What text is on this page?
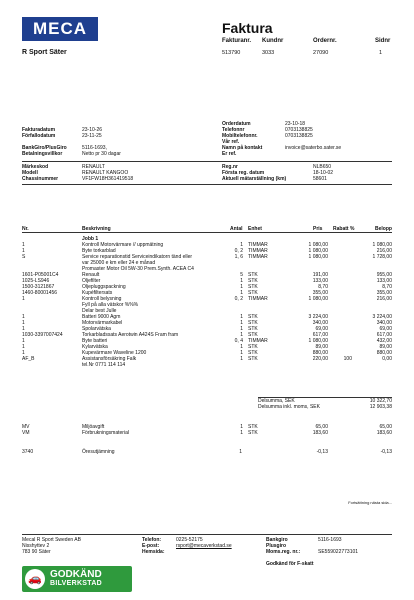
MECA	Faktura
R Sport Säter
Fakturanr. Kundnr	Ordernr.	Sidnr
513790	3033	27090	1
Fakturadatum	23-10-26
Förfallodatum	23-11-25
BankGiro/PlusGiro	5116-1693,
Betalningsvillkor	Netto pr 30 dagar
Orderdatum	23-10-18
Telefonnr	0703138825
Mobiltelefonnr.	0703138825
Vår ref.
Namn på kontakt	invoice@saterbo.sater.se
Er ref.
Märkeskod	RENAULT
Modell	RENAULT KANGOO
Chassinummer	VF1FW18H361419518
Reg.nr	NLB650
Första reg. datum	18-10-02
Aktuell mätarställning (km)	58601
Nr.	Beskrivning	Antal Enhet	Pris Rabatt %	Belopp
Jobb 1
1	Kontroll Motorvärmare // uppmätning	1 TIMMAR	1 080,00	1 080,00
1	Byte torkarblad	0, 2 TIMMAR	1 080,00	216,00
S	Service reparationstid Serviceindikatorn tänd eller	1, 6 TIMMAR	1 080,00	1 728,00
var 25000 e km eller 24 e månad
Promaster Motor Oil 5W-30 Prem.Synth. ACEA C4
1601-P05001C4	Renault	5 STK	191,00	955,00
1025-LS946	Oljefilter	1 STK	133,00	133,00
1500-3121867	Oljepluggspackning	1 STK	8,70	8,70
1460-80001456	Kupéfiltersats	1 STK	355,00	355,00
1	Kontroll belysning	0, 2 TIMMAR	1 080,00	216,00
Fyll på alla vätskor %%%
Delar best Julle
1	Batteri 9000 Agm	1 STK	3 224,00	3 224,00
1	Motorvärmarkabel	1 STK	340,00	340,00
1	Spolarvätska	1 STK	69,00	69,00
1030-3397007424	Torkarbladssats Aerotwin A424S Fram fram	1 STK	617,00	617,00
1	Byte batteri	0, 4 TIMMAR	1 080,00	432,00
1	Kylarvätska	1 STK	89,00	89,00
1	Kupevärmare Waveline 1200	1 STK	880,00	880,00
AF_B	Assistansförsäkring Falk	1 STK	220,00	100	0,00
tel.Nr 0771 114 114
Delsumma, SEK	10 322,70
Delsumma inkl. moms, SEK	12 903,38
MV	Miljöavgift	1 STK	65,00	65,00
VM	Förbrukningsmaterial	1 STK	183,60	183,60
3740	Öresutjämning	1	-0,13	-0,13
Fortsättning nästa sida...
Mecal R Sport Sweden AB
Nisshyttev 2
783 90 Säter
Telefon:	0225-52175
E-post:	rsport@mecaverkstad.se
Hemsida:
Bankgiro	5116-1693
Plusgiro
Moms.reg. nr.:	SE559022773101
Godkänd för F-skatt
🚗 GODKÄND
BILVERKSTAD
